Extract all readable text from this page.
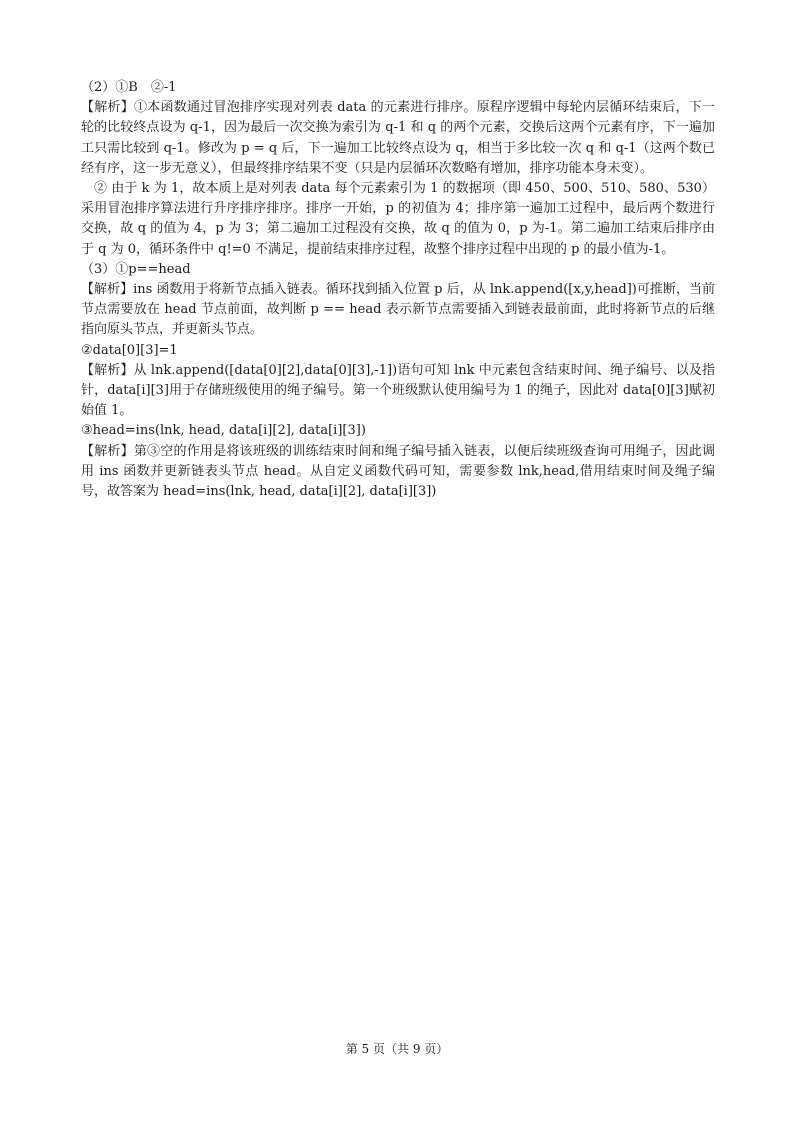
（2）①B　②-1

【解析】①本函数通过冒泡排序实现对列表 data 的元素进行排序。原程序逻辑中每轮内层循环结束后，下一轮的比较终点设为 q-1，因为最后一次交换为索引为 q-1 和 q 的两个元素，交换后这两个元素有序，下一遍加工只需比较到 q-1。修改为 p = q 后，下一遍加工比较终点设为 q，相当于多比较一次 q 和 q-1（这两个数已经有序，这一步无意义），但最终排序结果不变（只是内层循环次数略有增加，排序功能本身未变）。

② 由于 k 为 1，故本质上是对列表 data 每个元素索引为 1 的数据项（即 450、500、510、580、530）采用冒泡排序算法进行升序排序排序。排序一开始，p 的初值为 4；排序第一遍加工过程中，最后两个数进行交换，故 q 的值为 4，p 为 3；第二遍加工过程没有交换，故 q 的值为 0，p 为-1。第二遍加工结束后排序由于 q 为 0，循环条件中 q!=0 不满足，提前结束排序过程，故整个排序过程中出现的 p 的最小值为-1。

（3）①p==head

【解析】ins 函数用于将新节点插入链表。循环找到插入位置 p 后，从 lnk.append([x,y,head])可推断，当前节点需要放在 head 节点前面，故判断 p == head 表示新节点需要插入到链表最前面，此时将新节点的后继指向原头节点，并更新头节点。

②data[0][3]=1

【解析】从 lnk.append([data[0][2],data[0][3],-1])语句可知 lnk 中元素包含结束时间、绳子编号、以及指针，data[i][3]用于存储班级使用的绳子编号。第一个班级默认使用编号为 1 的绳子，因此对 data[0][3]赋初始值 1。

③head=ins(lnk, head, data[i][2], data[i][3])

【解析】第③空的作用是将该班级的训练结束时间和绳子编号插入链表，以便后续班级查询可用绳子，因此调用 ins 函数并更新链表头节点 head。从自定义函数代码可知，需要参数 lnk,head,借用结束时间及绳子编号，故答案为 head=ins(lnk, head, data[i][2], data[i][3])

第 5 页（共 9 页）
